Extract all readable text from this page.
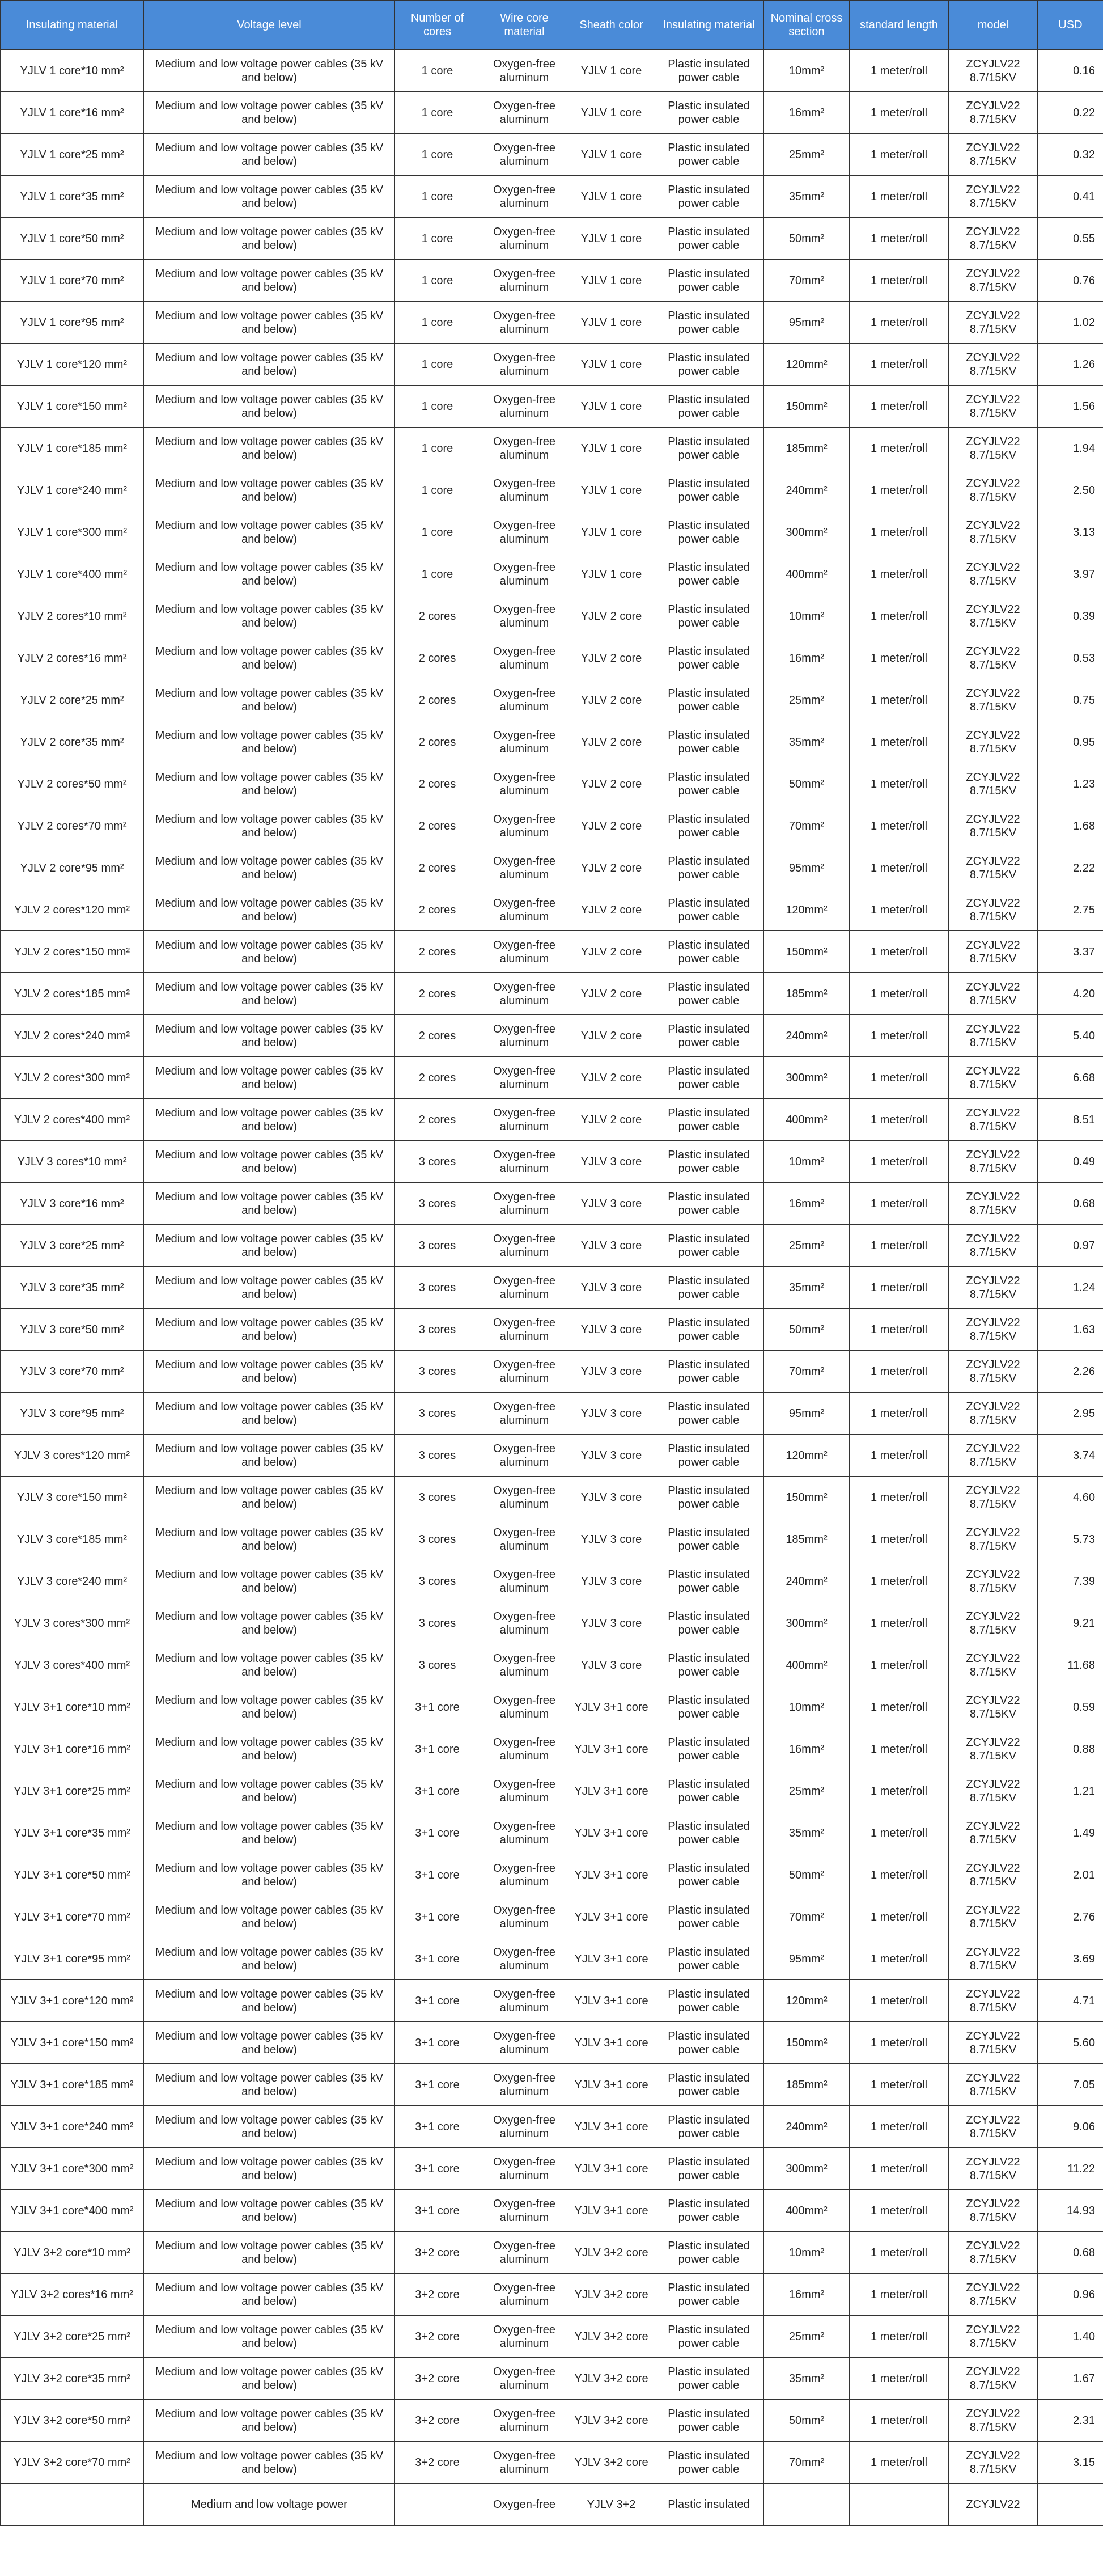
Insulating material	Voltage level	Number of cores	Wire core material	Sheath color	Insulating material	Nominal cross section	standard length	model	USD
YJLV 1 core*10 mm²	Medium and low voltage power cables (35 kV and below)	1 core	Oxygen-free aluminum	YJLV 1 core	Plastic insulated power cable	10mm²	1 meter/roll	ZCYJLV22 8.7/15KV	0.16
YJLV 1 core*16 mm²	Medium and low voltage power cables (35 kV and below)	1 core	Oxygen-free aluminum	YJLV 1 core	Plastic insulated power cable	16mm²	1 meter/roll	ZCYJLV22 8.7/15KV	0.22
YJLV 1 core*25 mm²	Medium and low voltage power cables (35 kV and below)	1 core	Oxygen-free aluminum	YJLV 1 core	Plastic insulated power cable	25mm²	1 meter/roll	ZCYJLV22 8.7/15KV	0.32
YJLV 1 core*35 mm²	Medium and low voltage power cables (35 kV and below)	1 core	Oxygen-free aluminum	YJLV 1 core	Plastic insulated power cable	35mm²	1 meter/roll	ZCYJLV22 8.7/15KV	0.41
YJLV 1 core*50 mm²	Medium and low voltage power cables (35 kV and below)	1 core	Oxygen-free aluminum	YJLV 1 core	Plastic insulated power cable	50mm²	1 meter/roll	ZCYJLV22 8.7/15KV	0.55
YJLV 1 core*70 mm²	Medium and low voltage power cables (35 kV and below)	1 core	Oxygen-free aluminum	YJLV 1 core	Plastic insulated power cable	70mm²	1 meter/roll	ZCYJLV22 8.7/15KV	0.76
YJLV 1 core*95 mm²	Medium and low voltage power cables (35 kV and below)	1 core	Oxygen-free aluminum	YJLV 1 core	Plastic insulated power cable	95mm²	1 meter/roll	ZCYJLV22 8.7/15KV	1.02
YJLV 1 core*120 mm²	Medium and low voltage power cables (35 kV and below)	1 core	Oxygen-free aluminum	YJLV 1 core	Plastic insulated power cable	120mm²	1 meter/roll	ZCYJLV22 8.7/15KV	1.26
YJLV 1 core*150 mm²	Medium and low voltage power cables (35 kV and below)	1 core	Oxygen-free aluminum	YJLV 1 core	Plastic insulated power cable	150mm²	1 meter/roll	ZCYJLV22 8.7/15KV	1.56
YJLV 1 core*185 mm²	Medium and low voltage power cables (35 kV and below)	1 core	Oxygen-free aluminum	YJLV 1 core	Plastic insulated power cable	185mm²	1 meter/roll	ZCYJLV22 8.7/15KV	1.94
YJLV 1 core*240 mm²	Medium and low voltage power cables (35 kV and below)	1 core	Oxygen-free aluminum	YJLV 1 core	Plastic insulated power cable	240mm²	1 meter/roll	ZCYJLV22 8.7/15KV	2.50
YJLV 1 core*300 mm²	Medium and low voltage power cables (35 kV and below)	1 core	Oxygen-free aluminum	YJLV 1 core	Plastic insulated power cable	300mm²	1 meter/roll	ZCYJLV22 8.7/15KV	3.13
YJLV 1 core*400 mm²	Medium and low voltage power cables (35 kV and below)	1 core	Oxygen-free aluminum	YJLV 1 core	Plastic insulated power cable	400mm²	1 meter/roll	ZCYJLV22 8.7/15KV	3.97
YJLV 2 cores*10 mm²	Medium and low voltage power cables (35 kV and below)	2 cores	Oxygen-free aluminum	YJLV 2 core	Plastic insulated power cable	10mm²	1 meter/roll	ZCYJLV22 8.7/15KV	0.39
YJLV 2 cores*16 mm²	Medium and low voltage power cables (35 kV and below)	2 cores	Oxygen-free aluminum	YJLV 2 core	Plastic insulated power cable	16mm²	1 meter/roll	ZCYJLV22 8.7/15KV	0.53
YJLV 2 core*25 mm²	Medium and low voltage power cables (35 kV and below)	2 cores	Oxygen-free aluminum	YJLV 2 core	Plastic insulated power cable	25mm²	1 meter/roll	ZCYJLV22 8.7/15KV	0.75
YJLV 2 core*35 mm²	Medium and low voltage power cables (35 kV and below)	2 cores	Oxygen-free aluminum	YJLV 2 core	Plastic insulated power cable	35mm²	1 meter/roll	ZCYJLV22 8.7/15KV	0.95
YJLV 2 cores*50 mm²	Medium and low voltage power cables (35 kV and below)	2 cores	Oxygen-free aluminum	YJLV 2 core	Plastic insulated power cable	50mm²	1 meter/roll	ZCYJLV22 8.7/15KV	1.23
YJLV 2 cores*70 mm²	Medium and low voltage power cables (35 kV and below)	2 cores	Oxygen-free aluminum	YJLV 2 core	Plastic insulated power cable	70mm²	1 meter/roll	ZCYJLV22 8.7/15KV	1.68
YJLV 2 core*95 mm²	Medium and low voltage power cables (35 kV and below)	2 cores	Oxygen-free aluminum	YJLV 2 core	Plastic insulated power cable	95mm²	1 meter/roll	ZCYJLV22 8.7/15KV	2.22
YJLV 2 cores*120 mm²	Medium and low voltage power cables (35 kV and below)	2 cores	Oxygen-free aluminum	YJLV 2 core	Plastic insulated power cable	120mm²	1 meter/roll	ZCYJLV22 8.7/15KV	2.75
YJLV 2 cores*150 mm²	Medium and low voltage power cables (35 kV and below)	2 cores	Oxygen-free aluminum	YJLV 2 core	Plastic insulated power cable	150mm²	1 meter/roll	ZCYJLV22 8.7/15KV	3.37
YJLV 2 cores*185 mm²	Medium and low voltage power cables (35 kV and below)	2 cores	Oxygen-free aluminum	YJLV 2 core	Plastic insulated power cable	185mm²	1 meter/roll	ZCYJLV22 8.7/15KV	4.20
YJLV 2 cores*240 mm²	Medium and low voltage power cables (35 kV and below)	2 cores	Oxygen-free aluminum	YJLV 2 core	Plastic insulated power cable	240mm²	1 meter/roll	ZCYJLV22 8.7/15KV	5.40
YJLV 2 cores*300 mm²	Medium and low voltage power cables (35 kV and below)	2 cores	Oxygen-free aluminum	YJLV 2 core	Plastic insulated power cable	300mm²	1 meter/roll	ZCYJLV22 8.7/15KV	6.68
YJLV 2 cores*400 mm²	Medium and low voltage power cables (35 kV and below)	2 cores	Oxygen-free aluminum	YJLV 2 core	Plastic insulated power cable	400mm²	1 meter/roll	ZCYJLV22 8.7/15KV	8.51
YJLV 3 cores*10 mm²	Medium and low voltage power cables (35 kV and below)	3 cores	Oxygen-free aluminum	YJLV 3 core	Plastic insulated power cable	10mm²	1 meter/roll	ZCYJLV22 8.7/15KV	0.49
YJLV 3 core*16 mm²	Medium and low voltage power cables (35 kV and below)	3 cores	Oxygen-free aluminum	YJLV 3 core	Plastic insulated power cable	16mm²	1 meter/roll	ZCYJLV22 8.7/15KV	0.68
YJLV 3 core*25 mm²	Medium and low voltage power cables (35 kV and below)	3 cores	Oxygen-free aluminum	YJLV 3 core	Plastic insulated power cable	25mm²	1 meter/roll	ZCYJLV22 8.7/15KV	0.97
YJLV 3 core*35 mm²	Medium and low voltage power cables (35 kV and below)	3 cores	Oxygen-free aluminum	YJLV 3 core	Plastic insulated power cable	35mm²	1 meter/roll	ZCYJLV22 8.7/15KV	1.24
YJLV 3 core*50 mm²	Medium and low voltage power cables (35 kV and below)	3 cores	Oxygen-free aluminum	YJLV 3 core	Plastic insulated power cable	50mm²	1 meter/roll	ZCYJLV22 8.7/15KV	1.63
YJLV 3 core*70 mm²	Medium and low voltage power cables (35 kV and below)	3 cores	Oxygen-free aluminum	YJLV 3 core	Plastic insulated power cable	70mm²	1 meter/roll	ZCYJLV22 8.7/15KV	2.26
YJLV 3 core*95 mm²	Medium and low voltage power cables (35 kV and below)	3 cores	Oxygen-free aluminum	YJLV 3 core	Plastic insulated power cable	95mm²	1 meter/roll	ZCYJLV22 8.7/15KV	2.95
YJLV 3 cores*120 mm²	Medium and low voltage power cables (35 kV and below)	3 cores	Oxygen-free aluminum	YJLV 3 core	Plastic insulated power cable	120mm²	1 meter/roll	ZCYJLV22 8.7/15KV	3.74
YJLV 3 core*150 mm²	Medium and low voltage power cables (35 kV and below)	3 cores	Oxygen-free aluminum	YJLV 3 core	Plastic insulated power cable	150mm²	1 meter/roll	ZCYJLV22 8.7/15KV	4.60
YJLV 3 core*185 mm²	Medium and low voltage power cables (35 kV and below)	3 cores	Oxygen-free aluminum	YJLV 3 core	Plastic insulated power cable	185mm²	1 meter/roll	ZCYJLV22 8.7/15KV	5.73
YJLV 3 core*240 mm²	Medium and low voltage power cables (35 kV and below)	3 cores	Oxygen-free aluminum	YJLV 3 core	Plastic insulated power cable	240mm²	1 meter/roll	ZCYJLV22 8.7/15KV	7.39
YJLV 3 cores*300 mm²	Medium and low voltage power cables (35 kV and below)	3 cores	Oxygen-free aluminum	YJLV 3 core	Plastic insulated power cable	300mm²	1 meter/roll	ZCYJLV22 8.7/15KV	9.21
YJLV 3 cores*400 mm²	Medium and low voltage power cables (35 kV and below)	3 cores	Oxygen-free aluminum	YJLV 3 core	Plastic insulated power cable	400mm²	1 meter/roll	ZCYJLV22 8.7/15KV	11.68
YJLV 3+1 core*10 mm²	Medium and low voltage power cables (35 kV and below)	3+1 core	Oxygen-free aluminum	YJLV 3+1 core	Plastic insulated power cable	10mm²	1 meter/roll	ZCYJLV22 8.7/15KV	0.59
YJLV 3+1 core*16 mm²	Medium and low voltage power cables (35 kV and below)	3+1 core	Oxygen-free aluminum	YJLV 3+1 core	Plastic insulated power cable	16mm²	1 meter/roll	ZCYJLV22 8.7/15KV	0.88
YJLV 3+1 core*25 mm²	Medium and low voltage power cables (35 kV and below)	3+1 core	Oxygen-free aluminum	YJLV 3+1 core	Plastic insulated power cable	25mm²	1 meter/roll	ZCYJLV22 8.7/15KV	1.21
YJLV 3+1 core*35 mm²	Medium and low voltage power cables (35 kV and below)	3+1 core	Oxygen-free aluminum	YJLV 3+1 core	Plastic insulated power cable	35mm²	1 meter/roll	ZCYJLV22 8.7/15KV	1.49
YJLV 3+1 core*50 mm²	Medium and low voltage power cables (35 kV and below)	3+1 core	Oxygen-free aluminum	YJLV 3+1 core	Plastic insulated power cable	50mm²	1 meter/roll	ZCYJLV22 8.7/15KV	2.01
YJLV 3+1 core*70 mm²	Medium and low voltage power cables (35 kV and below)	3+1 core	Oxygen-free aluminum	YJLV 3+1 core	Plastic insulated power cable	70mm²	1 meter/roll	ZCYJLV22 8.7/15KV	2.76
YJLV 3+1 core*95 mm²	Medium and low voltage power cables (35 kV and below)	3+1 core	Oxygen-free aluminum	YJLV 3+1 core	Plastic insulated power cable	95mm²	1 meter/roll	ZCYJLV22 8.7/15KV	3.69
YJLV 3+1 core*120 mm²	Medium and low voltage power cables (35 kV and below)	3+1 core	Oxygen-free aluminum	YJLV 3+1 core	Plastic insulated power cable	120mm²	1 meter/roll	ZCYJLV22 8.7/15KV	4.71
YJLV 3+1 core*150 mm²	Medium and low voltage power cables (35 kV and below)	3+1 core	Oxygen-free aluminum	YJLV 3+1 core	Plastic insulated power cable	150mm²	1 meter/roll	ZCYJLV22 8.7/15KV	5.60
YJLV 3+1 core*185 mm²	Medium and low voltage power cables (35 kV and below)	3+1 core	Oxygen-free aluminum	YJLV 3+1 core	Plastic insulated power cable	185mm²	1 meter/roll	ZCYJLV22 8.7/15KV	7.05
YJLV 3+1 core*240 mm²	Medium and low voltage power cables (35 kV and below)	3+1 core	Oxygen-free aluminum	YJLV 3+1 core	Plastic insulated power cable	240mm²	1 meter/roll	ZCYJLV22 8.7/15KV	9.06
YJLV 3+1 core*300 mm²	Medium and low voltage power cables (35 kV and below)	3+1 core	Oxygen-free aluminum	YJLV 3+1 core	Plastic insulated power cable	300mm²	1 meter/roll	ZCYJLV22 8.7/15KV	11.22
YJLV 3+1 core*400 mm²	Medium and low voltage power cables (35 kV and below)	3+1 core	Oxygen-free aluminum	YJLV 3+1 core	Plastic insulated power cable	400mm²	1 meter/roll	ZCYJLV22 8.7/15KV	14.93
YJLV 3+2 core*10 mm²	Medium and low voltage power cables (35 kV and below)	3+2 core	Oxygen-free aluminum	YJLV 3+2 core	Plastic insulated power cable	10mm²	1 meter/roll	ZCYJLV22 8.7/15KV	0.68
YJLV 3+2 cores*16 mm²	Medium and low voltage power cables (35 kV and below)	3+2 core	Oxygen-free aluminum	YJLV 3+2 core	Plastic insulated power cable	16mm²	1 meter/roll	ZCYJLV22 8.7/15KV	0.96
YJLV 3+2 core*25 mm²	Medium and low voltage power cables (35 kV and below)	3+2 core	Oxygen-free aluminum	YJLV 3+2 core	Plastic insulated power cable	25mm²	1 meter/roll	ZCYJLV22 8.7/15KV	1.40
YJLV 3+2 core*35 mm²	Medium and low voltage power cables (35 kV and below)	3+2 core	Oxygen-free aluminum	YJLV 3+2 core	Plastic insulated power cable	35mm²	1 meter/roll	ZCYJLV22 8.7/15KV	1.67
YJLV 3+2 core*50 mm²	Medium and low voltage power cables (35 kV and below)	3+2 core	Oxygen-free aluminum	YJLV 3+2 core	Plastic insulated power cable	50mm²	1 meter/roll	ZCYJLV22 8.7/15KV	2.31
YJLV 3+2 core*70 mm²	Medium and low voltage power cables (35 kV and below)	3+2 core	Oxygen-free aluminum	YJLV 3+2 core	Plastic insulated power cable	70mm²	1 meter/roll	ZCYJLV22 8.7/15KV	3.15
	Medium and low voltage power		Oxygen-free	YJLV 3+2	Plastic insulated			ZCYJLV22	
